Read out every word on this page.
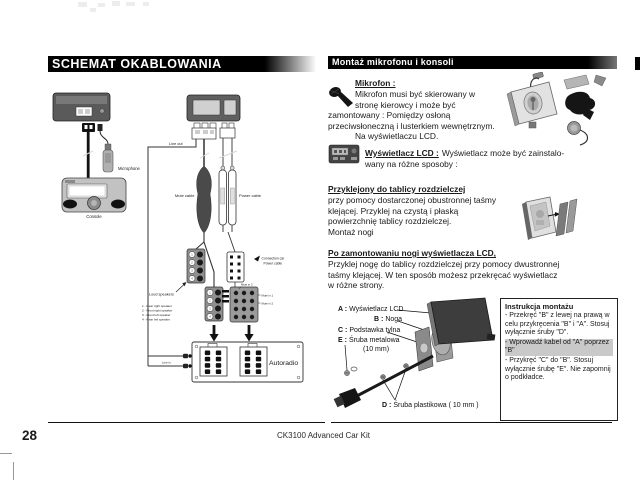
SCHEMAT OKABLOWANIA	Montaż mikrofonu i konsoli
Microphone
Console
Line out
Line in
Mute cable	Power cable
1
2
3
4
Loud speakers
1 - Rear right speaker
2 - Front right speaker
3 - Front left speaker
4 - Rear left speaker
1
2
3
4
Connection car
Power cable
Mute in 3
Mute in 1
Mute in 2
Autoradio
Mikrofon :
Mikrofon musi być skierowany w
stronę kierowcy i może być
zamontowany : Pomiędzy osłoną
przeciwsłoneczną i lusterkiem wewnętrznym.
Na wyświetlaczu LCD.
Wyświetlacz LCD : Wyświetlacz może być zainstalo-
wany na różne sposoby :
Przyklejony do tablicy rozdzielczej
przy pomocy dostarczonej obustronnej taśmy
klejącej. Przyklej na czystą i płaską
powierzchnię tablicy rozdzielczej.
Montaż nogi
Po zamontowaniu nogi wyświetlacza LCD,
Przyklej nogę do tablicy rozdzielczej przy pomocy dwustronnej
taśmy klejącej. W ten sposób możesz przekręcać wyświetlacz
w różne strony.
A : Wyświetlacz LCD
B : Noga
C : Podstawka tylna
E : Śruba metalowa
(10 mm)
D : Śruba plastikowa ( 10 mm )
Instrukcja montażu
- Przekręć "B" z lewej na prawą w celu przykręcenia "B" i "A". Stosuj wyłącznie śruby "D".
- Wprowadź kabel od "A" poprzez "B"
- Przykręć "C" do "B". Stosuj wyłącznie śrubę "E". Nie zapomnij o podkładce.
28	CK3100 Advanced Car Kit
